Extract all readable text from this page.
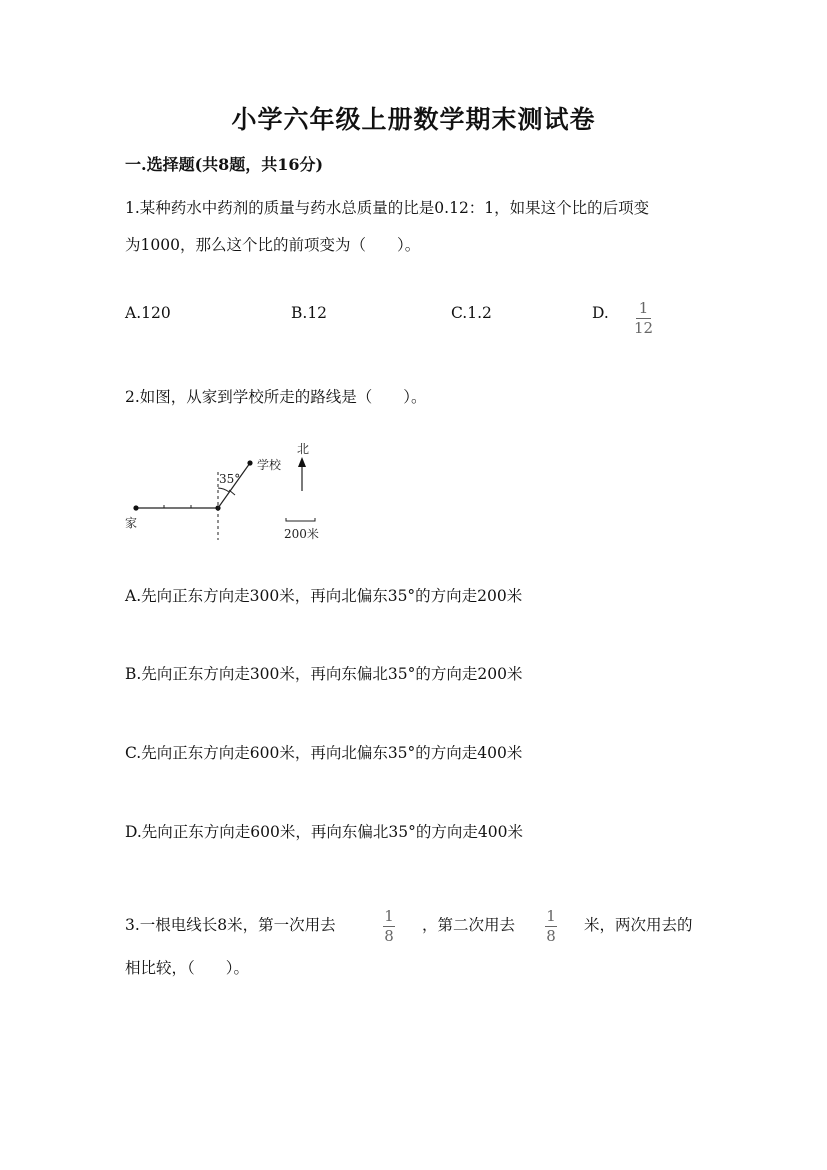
小学六年级上册数学期末测试卷
一.选择题(共8题，共16分)
1.某种药水中药剂的质量与药水总质量的比是0.12：1，如果这个比的后项变
为1000，那么这个比的前项变为（　　）。
A.120	B.12	C.1.2	D. $\frac{1}{12}$
2.如图，从家到学校所走的路线是（　　）。
35°
学校
家
北
200米
A.先向正东方向走300米，再向北偏东35°的方向走200米
B.先向正东方向走300米，再向东偏北35°的方向走200米
C.先向正东方向走600米，再向北偏东35°的方向走400米
D.先向正东方向走600米，再向东偏北35°的方向走400米
3.一根电线长8米，第一次用去	$\frac{1}{8}$ ，第二次用去 $\frac{1}{8}$ 米，两次用去的
相比较，（　　）。
